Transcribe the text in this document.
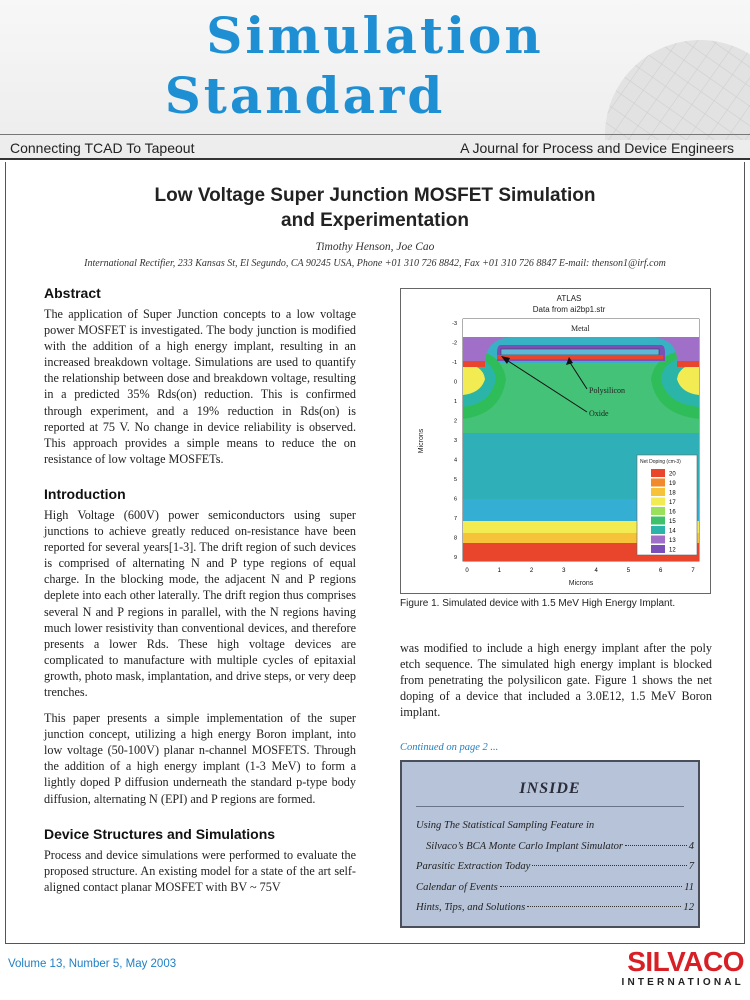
Simulation
Standard
Connecting TCAD To Tapeout	A Journal for Process and Device Engineers
Low Voltage Super Junction MOSFET Simulation
and Experimentation
Timothy Henson, Joe Cao
International Rectifier, 233 Kansas St, El Segundo, CA 90245 USA, Phone +01 310 726 8842, Fax +01 310 726 8847 E-mail: thenson1@irf.com
Abstract

The application of Super Junction concepts to a low voltage power MOSFET is investigated. The body junction is modified with the addition of a high energy implant, resulting in an increased breakdown voltage. Simulations are used to quantify the relationship between dose and breakdown voltage, resulting in a predicted 35% Rds(on) reduction. This is confirmed through experiment, and a 19% reduction in Rds(on) is reported at 75 V. No change in device reliability is observed. This approach provides a simple means to reduce the on resistance of low voltage MOSFETs.

Introduction

High Voltage (600V) power semiconductors using super junctions to achieve greatly reduced on-resistance have been reported for several years[1-3]. The drift region of such devices is comprised of alternating N and P type regions of equal charge. In the blocking mode, the adjacent N and P regions deplete into each other laterally. The drift region thus comprises several N and P regions in parallel, with the N regions having much lower resistivity than conventional devices, and therefore presents a lower Rds. These high voltage devices are complicated to manufacture with multiple cycles of epitaxial growth, photo mask, implantation, and drive steps, or very deep trenches.

This paper presents a simple implementation of the super junction concept, utilizing a high energy Boron implant, into low voltage (50-100V) planar n-channel MOSFETS. Through the addition of a high energy implant (1-3 MeV) to form a lightly doped P diffusion underneath the standard p-type body diffusion, alternating N (EPI) and P regions are formed.

Device Structures and Simulations

Process and device simulations were performed to evaluate the proposed structure. An existing model for a state of the art self-aligned contact planar MOSFET with BV ~ 75V

ATLAS
Data from ai2bp1.str
Metal
Polysilicon
Oxide
Net Doping (cm-3)
20
19
18
17
16
15
14
13
12
0	1	2	3	4	5	6	7
-3
-2
-1
0
1
2
3
4
5
6
7
8
9
Microns
Microns
Figure 1. Simulated device with 1.5 MeV High Energy Implant.

was modified to include a high energy implant after the poly etch sequence. The simulated high energy implant is blocked from penetrating the polysilicon gate. Figure 1 shows the net doping of a device that included a 3.0E12, 1.5 MeV Boron implant.

Continued on page 2 ...
INSIDE
Using The Statistical Sampling Feature in
Silvaco’s BCA Monte Carlo Implant Simulator	4
Parasitic Extraction Today	7
Calendar of Events	11
Hints, Tips, and Solutions	12
Volume 13, Number 5, May 2003	SILVACO
INTERNATIONAL
